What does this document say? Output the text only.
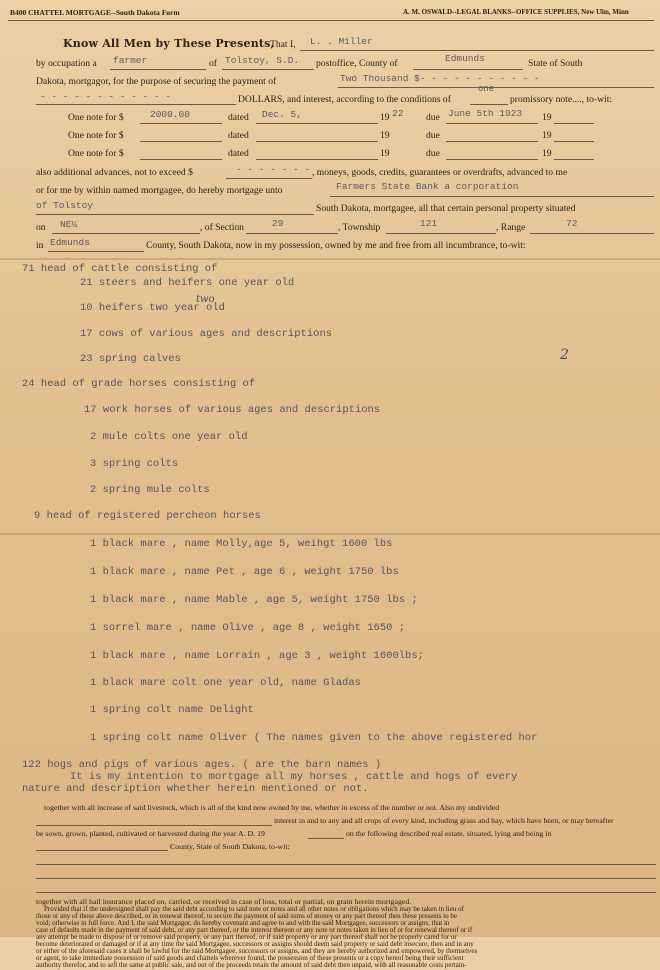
B400 CHATTEL MORTGAGE--South Dakota Form	A. M. OSWALD--LEGAL BLANKS--OFFICE SUPPLIES, New Ulm, Minn
Know All Men by These Presents,
That I, L. . Miller
by occupation a farmer	of Tolstoy, S.D. postoffice, County of	Edmunds	State of South
Dakota, mortgagor, for the purpose of securing the payment of	Two Thousand $- - - - - - - - - - -
- - - - - - - - - - - -	DOLLARS, and interest, according to the conditions of
one
promissory note...., to-wit:
One note for $	2000.00	dated Dec. 5,	19 22 due June 5th 1923 19
One note for $	dated	19	due	19
One note for $	dated	19	due	19
also additional advances, not to exceed $	- - - - - - - , moneys, goods, credits, guarantees or overdrafts, advanced to me
or for me by within named mortgagee, do hereby mortgage unto	Farmers State Bank a corporation
of Tolstoy	South Dakota, mortgagee, all that certain personal property situated
on NE¼	, of Section	29	, Township	121	, Range	72
in Edmunds	County, South Dakota, now in my possession, owned by me and free from all incumbrance, to-wit:
71 head of cattle consisting of
21 steers and heifers one year old
10 heifers two year old
17 cows of various ages and descriptions
23 spring calves
24 head of grade horses consisting of
17 work horses of various ages and descriptions
2 mule colts one year old
3 spring colts
2 spring mule colts
9 head of registered percheon horses
1 black mare , name Molly,age 5, weihgt 1600 lbs
1 black mare , name Pet , age 6 , weight 1750 lbs
1 black mare , name Mable , age 5, weight 1750 lbs ;
1 sorrel mare , name Olive , age 8 , weight 1650 ;
1 black mare , name Lorrain , age 3 , weight 1600lbs;
1 black mare colt one year old, name Gladas
1 spring colt name Delight
1 spring colt name Oliver ( The names given to the above registered hor
122 hogs and pigs of various ages. ( are the barn names )
It is my intention to mortgage all my horses , cattle and hogs of every
nature and description whether herein mentioned or not.
two
2
together with all increase of said livestock, which is all of the kind now owned by me, whether in excess of the number or not. Also my undivided
interest in and to any and all crops of every kind, including grass and hay, which have been, or may hereafter
be sown, grown, planted, cultivated or harvested during the year A. D. 19	on the following described real estate, situated, lying and being in
County, State of South Dakota, to-wit:
together with all hail insurance placed on, carried, or received in case of loss, total or partial, on grain herein mortgaged.
Provided that if the undersigned shall pay the said debt according to said note or notes and all other notes or obligations which may be taken in lieu of
those or any of those above described, or in renewal thereof, to secure the payment of said sums of money or any part thereof then these presents to be
void; otherwise in full force. And I, the said Mortgagor, do hereby covenant and agree to and with the said Mortgagee, successors or assigns, that in
case of defaults made in the payment of said debt, or any part thereof, or the interest thereon or any note or notes taken in lieu of or for renewal thereof or if
any attempt be made to dispose of or remove said property, or any part thereof, or if said property or any part thereof shall not be properly cared for or
become deteriorated or damaged or if at any time the said Mortgagee, successors or assigns should deem said property or said debt insecure, then and in any
or either of the aforesaid cases it shall be lawful for the said Mortgagee, successors or assigns, and they are hereby authorized and empowered, by themselves
or agent, to take immediate possession of said goods and chattels wherever found, the possession of these presents or a copy hereof being their sufficient
authority therefor, and to sell the same at public sale, and out of the proceeds retain the amount of said debt then unpaid, with all reasonable costs pertain-
